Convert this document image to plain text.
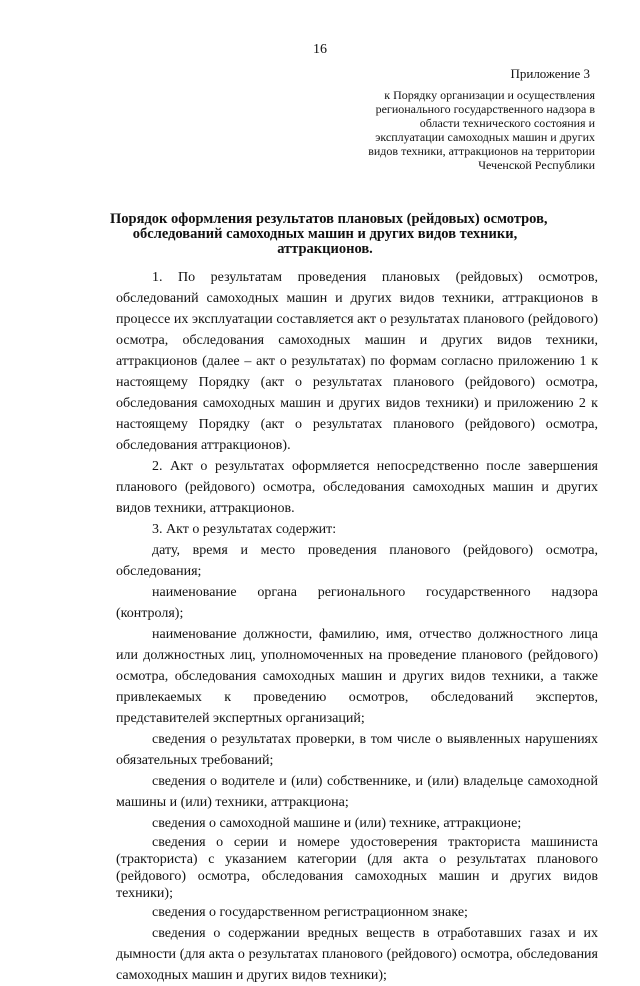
16
Приложение 3
к Порядку организации и осуществления
регионального государственного надзора в
области технического состояния и
эксплуатации самоходных машин и других
видов техники, аттракционов на территории
Чеченской Республики
Порядок оформления результатов плановых (рейдовых) осмотров,
обследований самоходных машин и других видов техники,
аттракционов.

1. По результатам проведения плановых (рейдовых) осмотров, обследований самоходных машин и других видов техники, аттракционов в процессе их эксплуатации составляется акт о результатах планового (рейдового) осмотра, обследования самоходных машин и других видов техники, аттракционов (далее – акт о результатах) по формам согласно приложению 1 к настоящему Порядку (акт о результатах планового (рейдового) осмотра, обследования самоходных машин и других видов техники) и приложению 2 к настоящему Порядку (акт о результатах планового (рейдового) осмотра, обследования аттракционов).

2. Акт о результатах оформляется непосредственно после завершения планового (рейдового) осмотра, обследования самоходных машин и других видов техники, аттракционов.

3. Акт о результатах содержит:

дату, время и место проведения планового (рейдового) осмотра, обследования;

наименование органа регионального государственного надзора (контроля);

наименование должности, фамилию, имя, отчество должностного лица или должностных лиц, уполномоченных на проведение планового (рейдового) осмотра, обследования самоходных машин и других видов техники, а также привлекаемых к проведению осмотров, обследований экспертов, представителей экспертных организаций;

сведения о результатах проверки, в том числе о выявленных нарушениях обязательных требований;

сведения о водителе и (или) собственнике, и (или) владельце самоходной машины и (или) техники, аттракциона;

сведения о самоходной машине и (или) технике, аттракционе;

сведения о серии и номере удостоверения тракториста машиниста (тракториста) с указанием категории (для акта о результатах планового (рейдового) осмотра, обследования самоходных машин и других видов техники);

сведения о государственном регистрационном знаке;

сведения о содержании вредных веществ в отработавших газах и их дымности (для акта о результатах планового (рейдового) осмотра, обследования самоходных машин и других видов техники);
